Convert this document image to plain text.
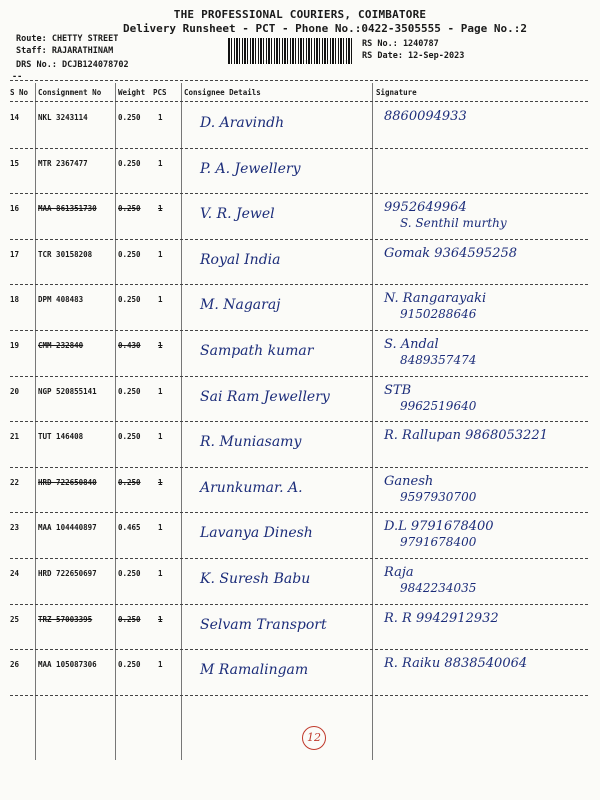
THE PROFESSIONAL COURIERS, COIMBATORE
Delivery Runsheet - PCT - Phone No.:0422-3505555 - Page No.:2
Route: CHETTY STREET
Staff: RAJARATHINAM
DRS No.: DCJB124078702
RS No.: 1240787
RS Date: 12-Sep-2023
--
S No Consignment No Weight PCS Consignee Details	Signature
14	NKL 3243114	0.250 1	D. Aravindh	8860094933
15	MTR 2367477	0.250 1	P. A. Jewellery
16	MAA 861351730	0.250 1	V. R. Jewel	9952649964
S. Senthil murthy
17	TCR 30158208	0.250 1	Royal India	Gomak 9364595258
18	DPM 408483	0.250 1	M. Nagaraj	N. Rangarayaki
9150288646
19	CMM 232840	0.430 1	Sampath kumar	S. Andal
8489357474
20	NGP 520855141	0.250 1	Sai Ram Jewellery	STB
9962519640
21	TUT 146408	0.250 1	R. Muniasamy	R. Rallupan 9868053221
22	HRD 722650840	0.250 1	Arunkumar. A.	Ganesh
9597930700
23	MAA 104440897	0.465 1	Lavanya Dinesh	D.L 9791678400
9791678400
24	HRD 722650697	0.250 1	K. Suresh Babu	Raja
9842234035
25	TRZ 57003395	0.250 1	Selvam Transport	R. R 9942912932
26	MAA 105087306	0.250 1	M Ramalingam	R. Raiku 8838540064
12
